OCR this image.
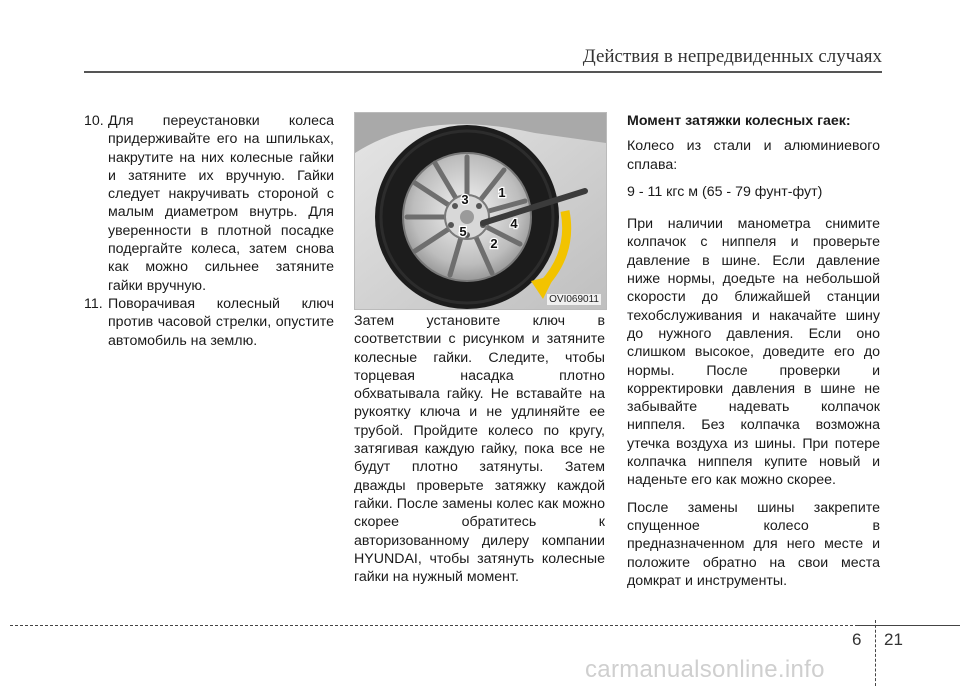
Действия в непредвиденных случаях
10. Для переустановки колеса придерживайте его на шпильках, накрутите на них колесные гайки и затяните их вручную. Гайки следует накручивать стороной с малым диаметром внутрь. Для уверенности в плотной посадке подергайте колеса, затем снова как можно сильнее затяните гайки вручную.
11. Поворачивая колесный ключ против часовой стрелки, опустите автомобиль на землю.
1
2
3
4
5
OVI069011

Затем установите ключ в соответствии с рисунком и затяните колесные гайки. Следите, чтобы торцевая насадка плотно обхватывала гайку. Не вставайте на рукоятку ключа и не удлиняйте ее трубой. Пройдите колесо по кругу, затягивая каждую гайку, пока все не будут плотно затянуты. Затем дважды проверьте затяжку каждой гайки. После замены колес как можно скорее обратитесь к авторизованному дилеру компании HYUNDAI, чтобы затянуть колесные гайки на нужный момент.

Момент затяжки колесных гаек:

Колесо из стали и алюминиевого сплава:

9 - 11 кгс м (65 - 79 фунт-фут)

При наличии манометра снимите колпачок с ниппеля и проверьте давление в шине. Если давление ниже нормы, доедьте на небольшой скорости до ближайшей станции техобслуживания и накачайте шину до нужного давления. Если оно слишком высокое, доведите его до нормы. После проверки и корректировки давления в шине не забывайте надевать колпачок ниппеля. Без колпачка возможна утечка воздуха из шины. При потере колпачка ниппеля купите новый и наденьте его как можно скорее.

После замены шины закрепите спущенное колесо в предназначенном для него месте и положите обратно на свои места домкрат и инструменты.

6 21
carmanualsonline.info
